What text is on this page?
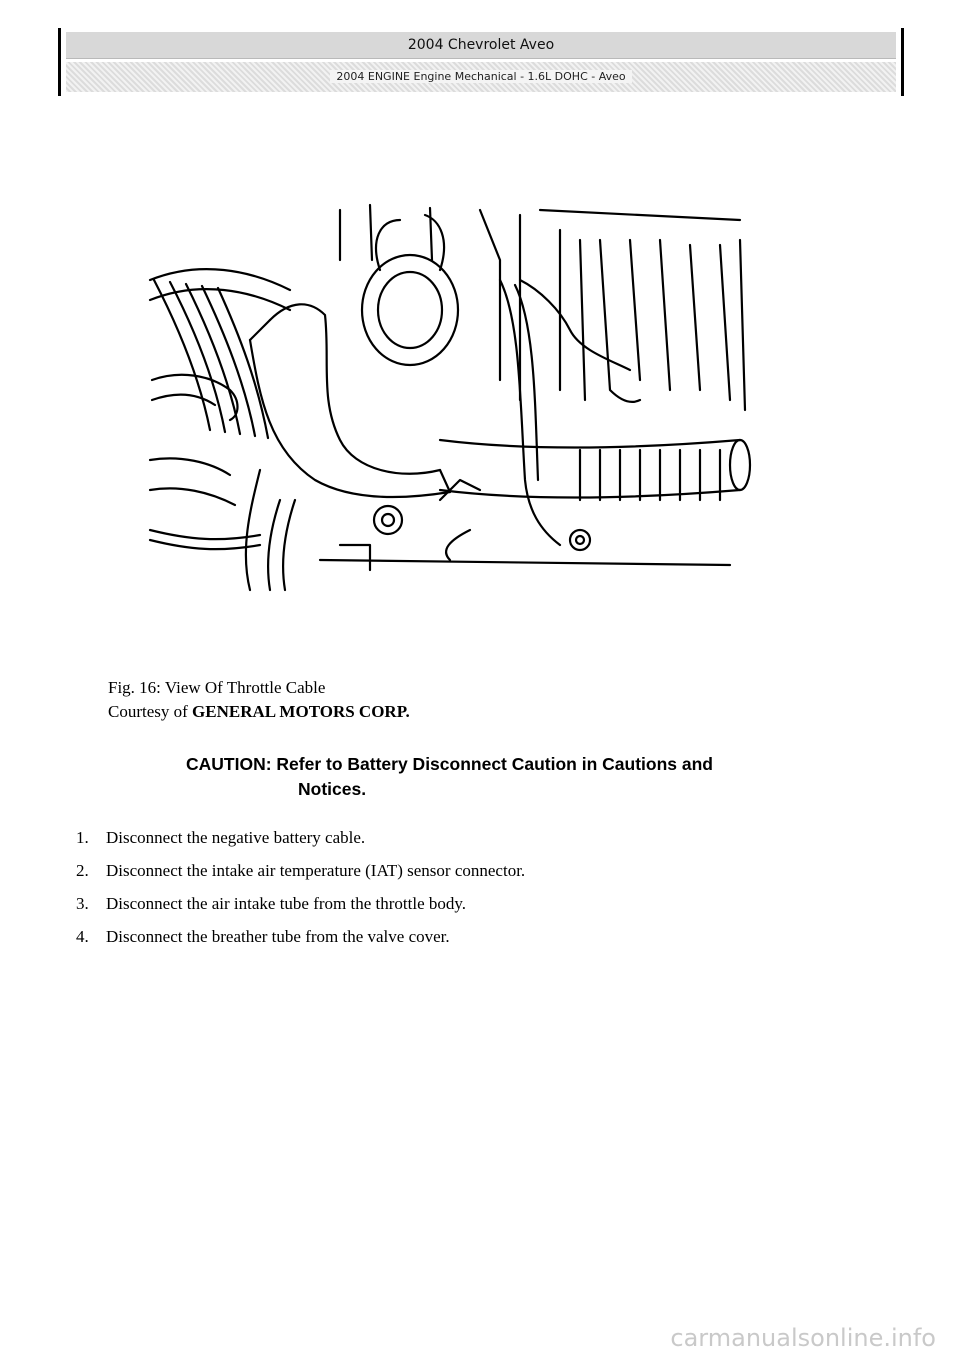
2004 Chevrolet Aveo
2004 ENGINE Engine Mechanical - 1.6L DOHC - Aveo
Fig. 16: View Of Throttle Cable
Courtesy of GENERAL MOTORS CORP.
CAUTION: Refer to Battery Disconnect Caution in Cautions and
Notices.
1.	Disconnect the negative battery cable.
2.	Disconnect the intake air temperature (IAT) sensor connector.
3.	Disconnect the air intake tube from the throttle body.
4.	Disconnect the breather tube from the valve cover.
carmanualsonline.info
